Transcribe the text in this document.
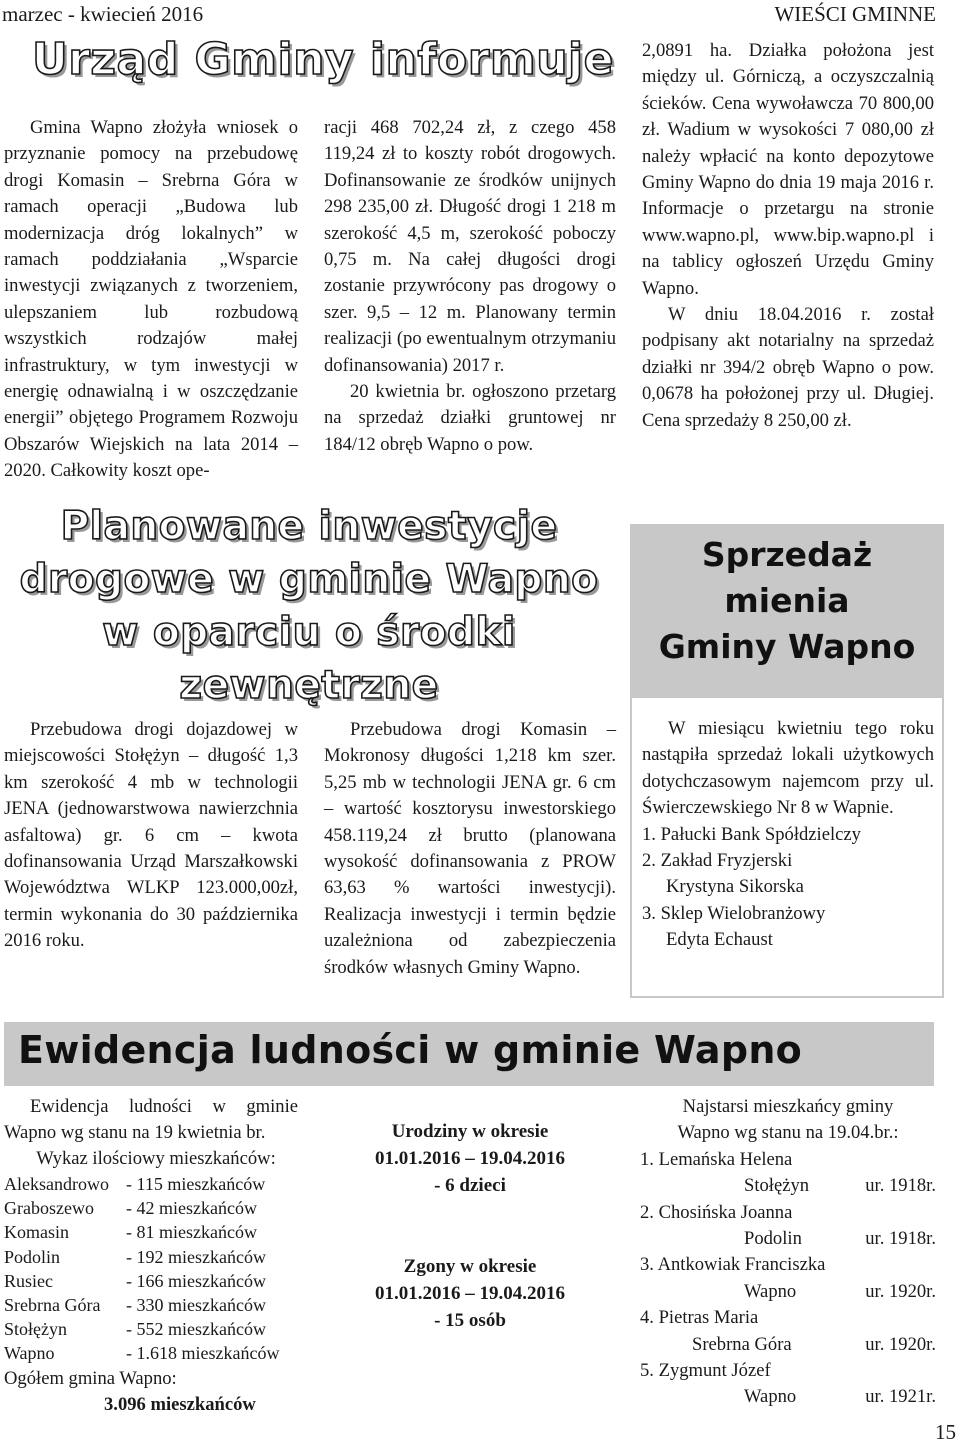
marzec - kwiecień 2016	WIEŚCI GMINNE
Urząd Gminy informuje

Gmina Wapno złożyła wniosek o przyznanie pomocy na przebudowę drogi Komasin – Srebrna Góra w ramach operacji „Budowa lub modernizacja dróg lokalnych” w ramach poddziałania „Wsparcie inwestycji związanych z tworzeniem, ulepszaniem lub rozbudową wszystkich rodzajów małej infrastruktury, w tym inwestycji w energię odnawialną i w oszczędzanie energii” objętego Programem Rozwoju Obszarów Wiejskich na lata 2014 – 2020. Całkowity koszt ope-

racji 468 702,24 zł, z czego 458 119,24 zł to koszty robót drogowych. Dofinansowanie ze środków unijnych 298 235,00 zł. Długość drogi 1 218 m szerokość 4,5 m, szerokość poboczy 0,75 m. Na całej długości drogi zostanie przywrócony pas drogowy o szer. 9,5 – 12 m. Planowany termin realizacji (po ewentualnym otrzymaniu dofinansowania) 2017 r.

20 kwietnia br. ogłoszono przetarg na sprzedaż działki gruntowej nr 184/12 obręb Wapno o pow.

2,0891 ha. Działka położona jest między ul. Górniczą, a oczyszczalnią ścieków. Cena wywoławcza 70 800,00 zł. Wadium w wysokości 7 080,00 zł należy wpłacić na konto depozytowe Gminy Wapno do dnia 19 maja 2016 r. Informacje o przetargu na stronie www.wapno.pl, www.bip.wapno.pl i na tablicy ogłoszeń Urzędu Gminy Wapno.

W dniu 18.04.2016 r. został podpisany akt notarialny na sprzedaż działki nr 394/2 obręb Wapno o pow. 0,0678 ha położonej przy ul. Długiej. Cena sprzedaży 8 250,00 zł.

Planowane inwestycje
drogowe w gminie Wapno
w oparciu o środki
zewnętrzne

Przebudowa drogi dojazdowej w miejscowości Stołężyn – długość 1,3 km szerokość 4 mb w technologii JENA (jednowarstwowa nawierzchnia asfaltowa) gr. 6 cm – kwota dofinansowania Urząd Marszałkowski Województwa WLKP 123.000,00zł, termin wykonania do 30 października 2016 roku.

Przebudowa drogi Komasin – Mokronosy długości 1,218 km szer. 5,25 mb w technologii JENA gr. 6 cm – wartość kosztorysu inwestorskiego 458.119,24 zł brutto (planowana wysokość dofinansowania z PROW 63,63 % wartości inwestycji). Realizacja inwestycji i termin będzie uzależniona od zabezpieczenia środków własnych Gminy Wapno.

Sprzedaż
mienia
Gminy Wapno

W miesiącu kwietniu tego roku nastąpiła sprzedaż lokali użytkowych dotychczasowym najemcom przy ul. Świerczewskiego Nr 8 w Wapnie.

1. Pałucki Bank Spółdzielczy

2. Zakład Fryzjerski

Krystyna Sikorska

3. Sklep Wielobranżowy

Edyta Echaust

Ewidencja ludności w gminie Wapno
Ewidencja ludności w gminie Wapno wg stanu na 19 kwietnia br.
Wykaz ilościowy mieszkańców:
Aleksandrowo	- 115 mieszkańców
Graboszewo	- 42 mieszkańców
Komasin	- 81 mieszkańców
Podolin	- 192 mieszkańców
Rusiec	- 166 mieszkańców
Srebrna Góra	- 330 mieszkańców
Stołężyn	- 552 mieszkańców
Wapno	- 1.618 mieszkańców
Ogółem gmina Wapno:
3.096 mieszkańców
Urodziny w okresie
01.01.2016 – 19.04.2016
- 6 dzieci
Zgony w okresie
01.01.2016 – 19.04.2016
- 15 osób
Najstarsi mieszkańcy gminy
Wapno wg stanu na 19.04.br.:
1. Lemańska Helena
Stołężyn	ur. 1918r.
2. Chosińska Joanna
Podolin	ur. 1918r.
3. Antkowiak Franciszka
Wapno	ur. 1920r.
4. Pietras Maria
Srebrna Góra	ur. 1920r.
5. Zygmunt Józef
Wapno	ur. 1921r.
15
